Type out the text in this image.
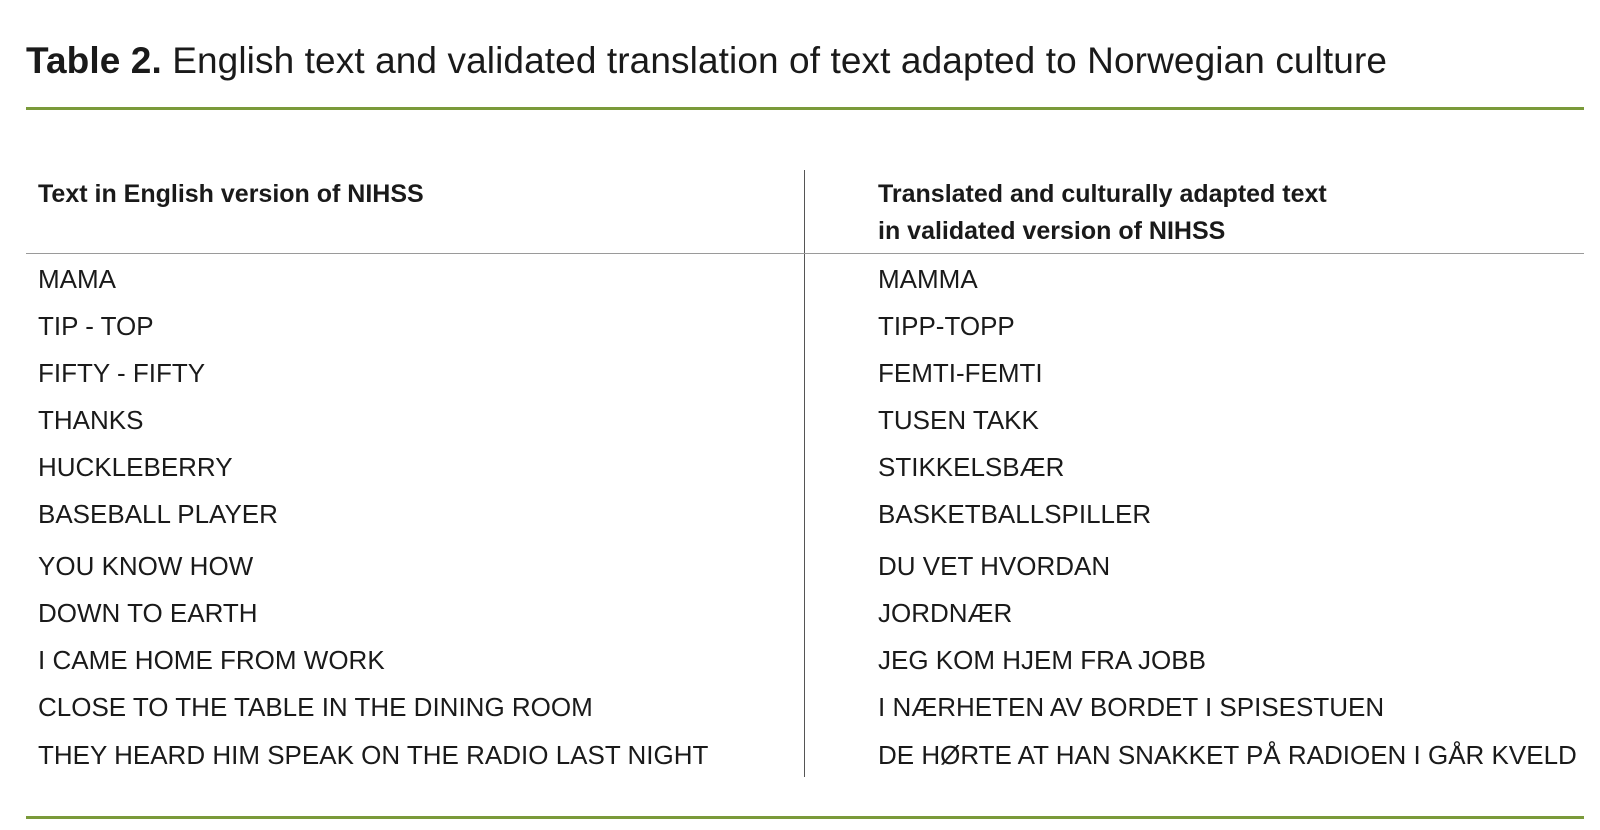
Table 2. English text and validated translation of text adapted to Norwegian culture
Text in English version of NIHSS	Translated and culturally adapted text
in validated version of NIHSS
MAMA	MAMMA
TIP - TOP	TIPP-TOPP
FIFTY - FIFTY	FEMTI-FEMTI
THANKS	TUSEN TAKK
HUCKLEBERRY	STIKKELSBÆR
BASEBALL PLAYER	BASKETBALLSPILLER
YOU KNOW HOW	DU VET HVORDAN
DOWN TO EARTH	JORDNÆR
I CAME HOME FROM WORK	JEG KOM HJEM FRA JOBB
CLOSE TO THE TABLE IN THE DINING ROOM	I NÆRHETEN AV BORDET I SPISESTUEN
THEY HEARD HIM SPEAK ON THE RADIO LAST NIGHT	DE HØRTE AT HAN SNAKKET PÅ RADIOEN I GÅR KVELD
